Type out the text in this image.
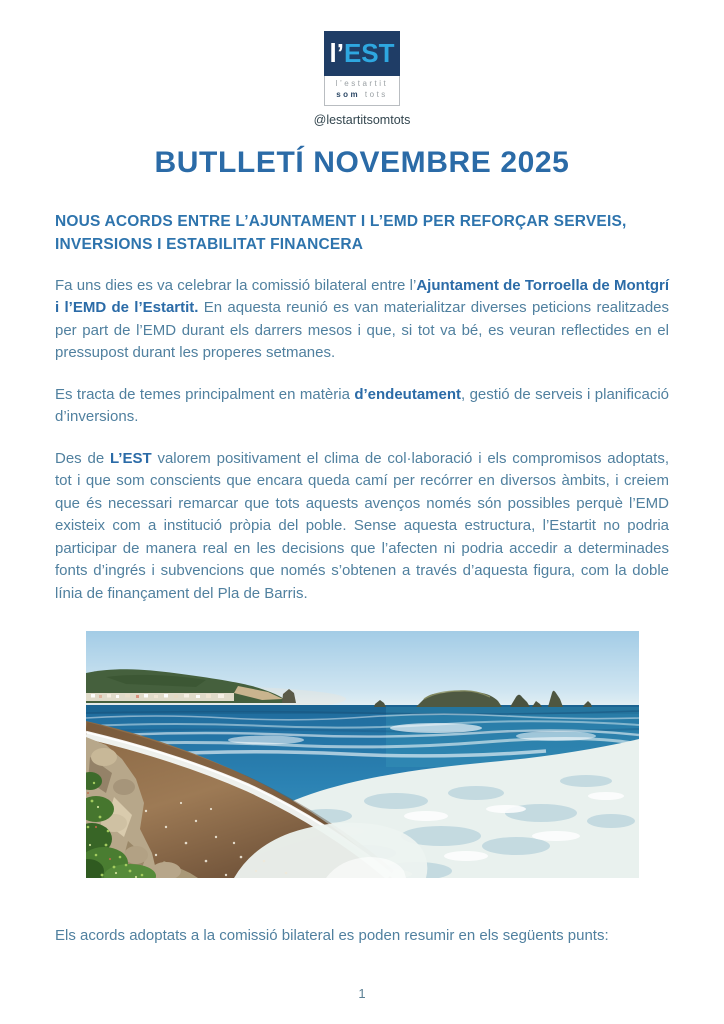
l’ EST
l’estartit
som tots
@lestartitsomtots
BUTLLETÍ NOVEMBRE 2025
NOUS ACORDS ENTRE L’AJUNTAMENT I L’EMD PER REFORÇAR SERVEIS, INVERSIONS I ESTABILITAT FINANCERA

Fa uns dies es va celebrar la comissió bilateral entre l’Ajuntament de Torroella de Montgrí i l’EMD de l’Estartit. En aquesta reunió es van materialitzar diverses peticions realitzades per part de l’EMD durant els darrers mesos i que, si tot va bé, es veuran reflectides en el pressupost durant les properes setmanes.

Es tracta de temes principalment en matèria d’endeutament, gestió de serveis i planificació d’inversions.

Des de L’EST valorem positivament el clima de col·laboració i els compromisos adoptats, tot i que som conscients que encara queda camí per recórrer en diversos àmbits, i creiem que és necessari remarcar que tots aquests avenços només són possibles perquè l’EMD existeix com a institució pròpia del poble. Sense aquesta estructura, l’Estartit no podria participar de manera real en les decisions que l’afecten ni podria accedir a determinades fonts d’ingrés i subvencions que només s’obtenen a través d’aquesta figura, com la doble línia de finançament del Pla de Barris.

Els acords adoptats a la comissió bilateral es poden resumir en els següents punts:

1
